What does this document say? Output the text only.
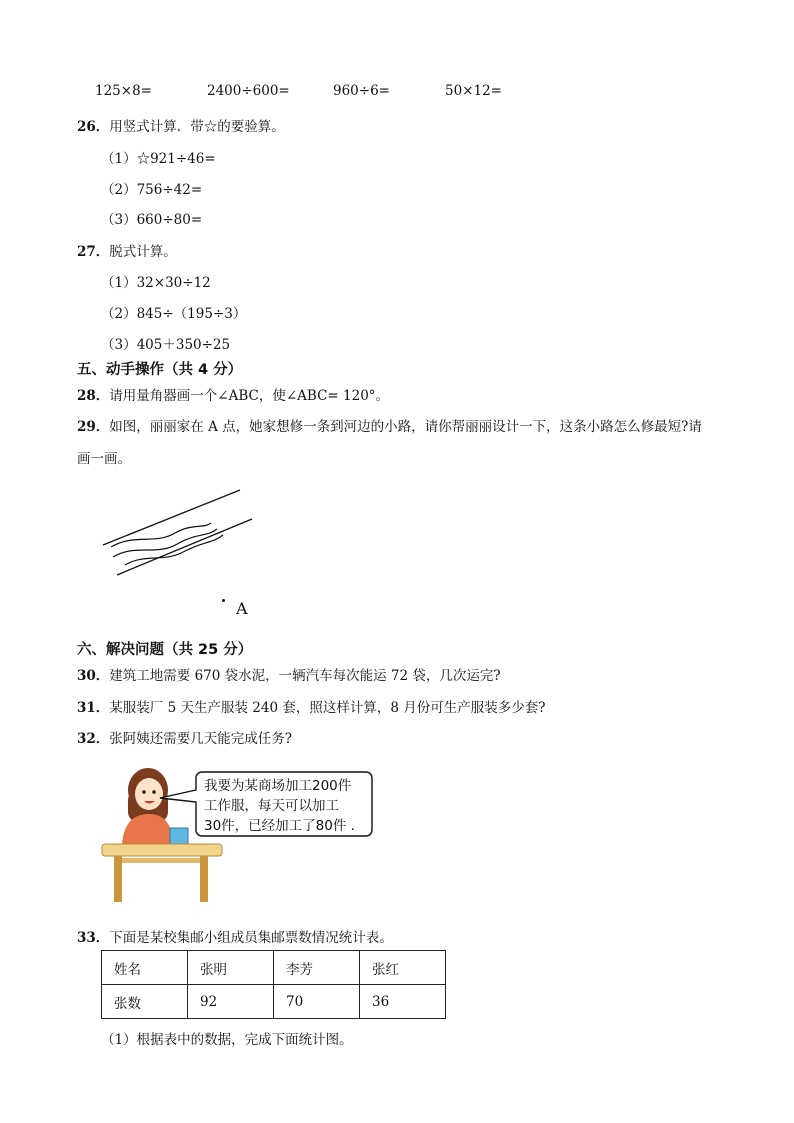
125×8=	2400÷600=	960÷6=	50×12=
26．用竖式计算．带☆的要验算。
（1）☆921÷46=
（2）756÷42=
（3）660÷80=
27．脱式计算。
（1）32×30÷12
（2）845÷（195÷3）
（3）405＋350÷25
五、动手操作（共 4 分）
28．请用量角器画一个∠ABC，使∠ABC= 120°。
29．如图，丽丽家在 A 点，她家想修一条到河边的小路，请你帮丽丽设计一下，这条小路怎么修最短?请
画一画。
A
六、解决问题（共 25 分）
30．建筑工地需要 670 袋水泥，一辆汽车每次能运 72 袋，几次运完?
31．某服装厂 5 天生产服装 240 套，照这样计算，8 月份可生产服装多少套?
32．张阿姨还需要几天能完成任务?
我要为某商场加工200件
工作服，每天可以加工
30件，已经加工了80件 .
33．下面是某校集邮小组成员集邮票数情况统计表。
姓名	张明	李芳	张红
张数	92	70	36
（1）根据表中的数据，完成下面统计图。
